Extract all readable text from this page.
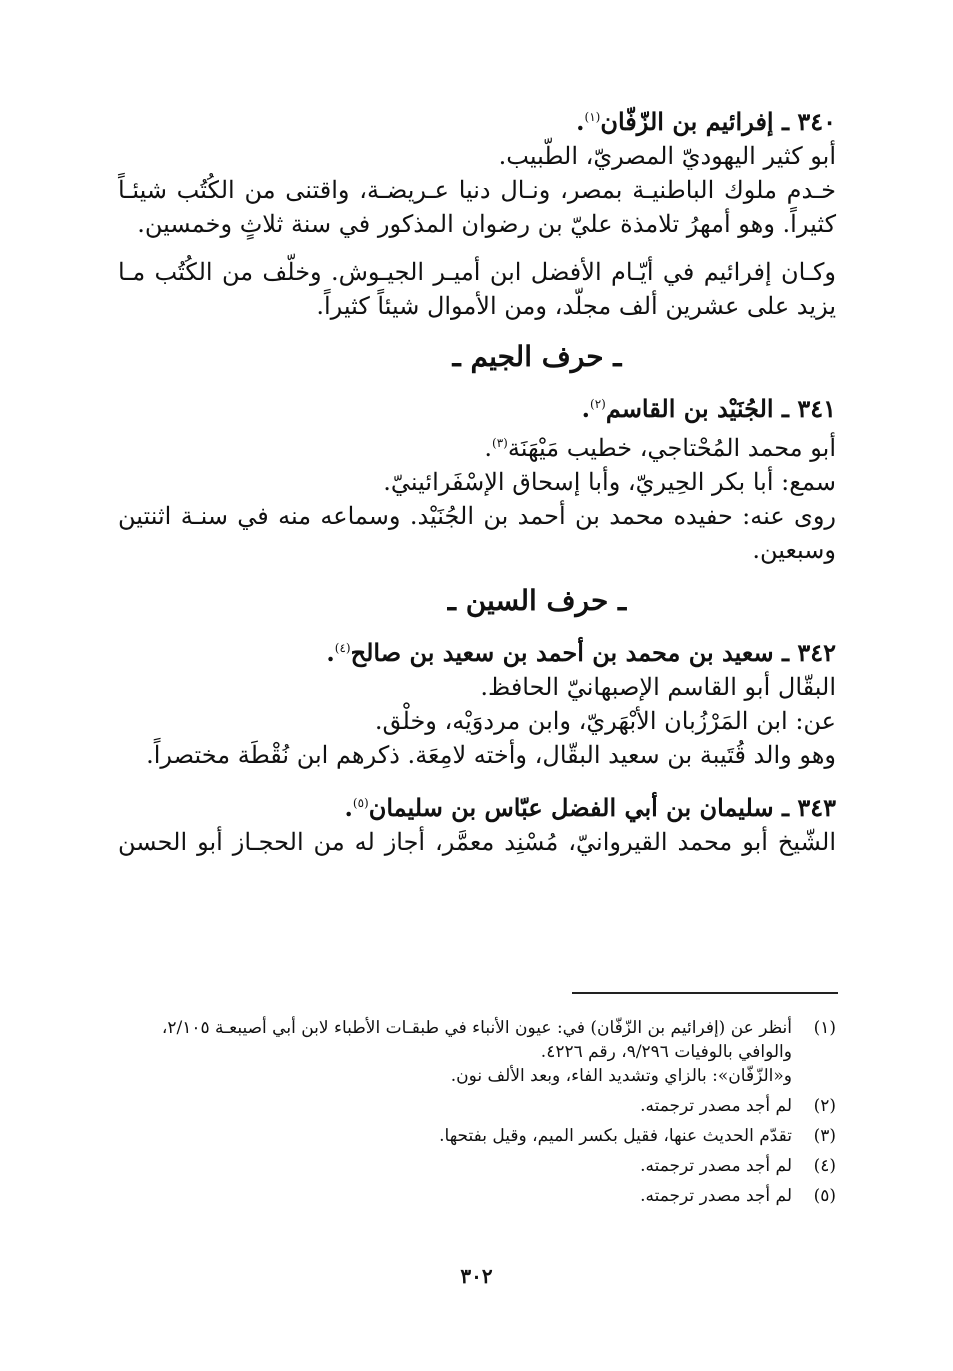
٣٤٠ ـ إفرائيم بن الزّفّان$^{(١)}$.
أبو كثير اليهوديّ المصريّ، الطّبيب.
خـدم ملوك الباطنيـة بمصر، ونـال دنيا عـريضـة، واقتنى من الكُتُب شيئـاً
كثيراً. وهو أمهرُ تلامذة عليّ بن رضوان المذكور في سنة ثلاثٍ وخمسين.
وكـان إفرائيم في أيّـام الأفضل ابن أميـر الجيـوش. وخلّف من الكُتُب مـا
يزيد على عشرين ألف مجلّد، ومن الأموال شيئاً كثيراً.
ـ حرف الجيم ـ
٣٤١ ـ الجُنَيْد بن القاسم$^{(٢)}$.
أبو محمد المُحْتاجي، خطيب مَيْهَنَة$^{(٣)}$.
سمع: أبا بكر الحِيريّ، وأبا إسحاق الإسْفَرائينيّ.
روى عنه: حفيده محمد بن أحمد بن الجُنَيْد. وسماعه منه في سنـة اثنتين
وسبعين.
ـ حرف السين ـ
٣٤٢ ـ سعيد بن محمد بن أحمد بن سعيد بن صالح$^{(٤)}$.
البقّال أبو القاسم الإصبهانيّ الحافظ.
عن: ابن المَرْزُبان الأبْهَريّ، وابن مردوَيْه، وخلْق.
وهو والد قُتَيبة بن سعيد البقّال، وأخته لامِعَة. ذكرهم ابن نُقْطَة مختصراً.
٣٤٣ ـ سليمان بن أبي الفضل عبّاس بن سليمان$^{(٥)}$.
الشّيخ أبو محمد القيروانيّ، مُسْنِد معمَّر، أجاز له من الحجـاز أبو الحسن
(١)
أنظر عن (إفرائيم بن الزّفّان) في: عيون الأنباء في طبقـات الأطباء لابن أبي أصيبعـة ٢/١٠٥،
والوافي بالوفيات ٩/٢٩٦، رقم ٤٢٢٦.
و«الزّفّان»: بالزاي وتشديد الفاء، وبعد الألف نون.
(٢)
لم أجد مصدر ترجمته.
(٣)
تقدّم الحديث عنها، فقيل بكسر الميم، وقيل بفتحها.
(٤)
لم أجد مصدر ترجمته.
(٥)
لم أجد مصدر ترجمته.
٣٠٢
